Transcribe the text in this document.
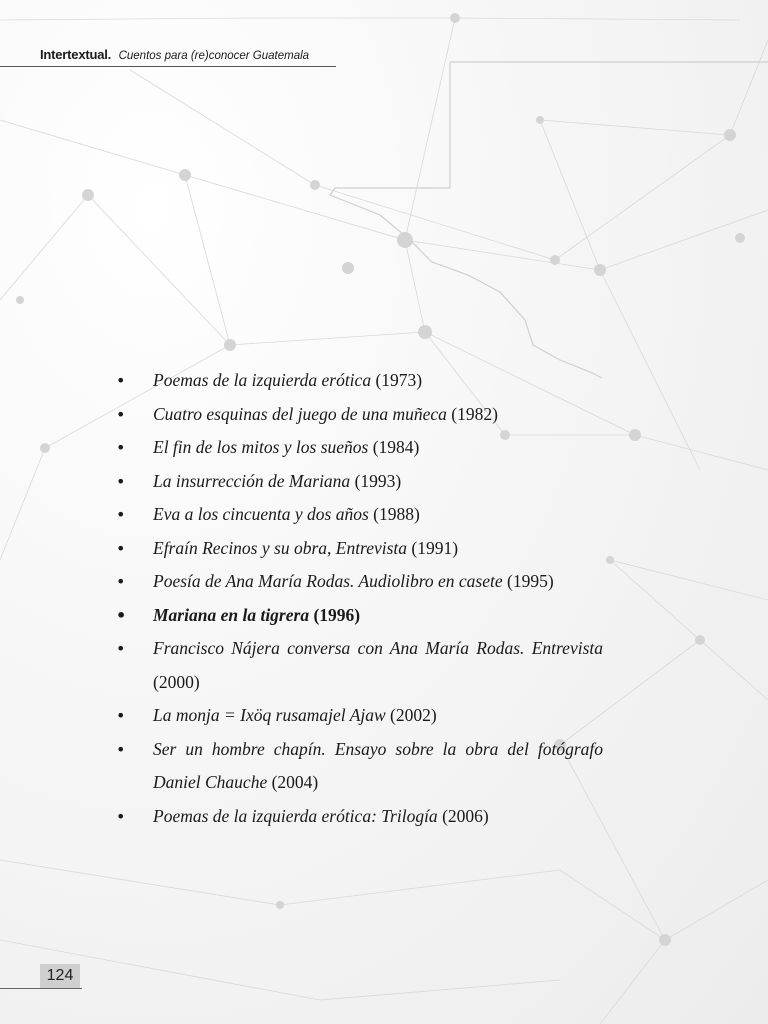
Intertextual. Cuentos para (re)conocer Guatemala
• Poemas de la izquierda erótica (1973)
• Cuatro esquinas del juego de una muñeca (1982)
• El fin de los mitos y los sueños (1984)
• La insurrección de Mariana (1993)
• Eva a los cincuenta y dos años (1988)
• Efraín Recinos y su obra, Entrevista (1991)
• Poesía de Ana María Rodas. Audiolibro en casete (1995)
• Mariana en la tigrera (1996)
• Francisco Nájera conversa con Ana María Rodas. Entrevista (2000)
• La monja = Ixöq rusamajel Ajaw (2002)
• Ser un hombre chapín. Ensayo sobre la obra del fotógrafo Daniel Chauche (2004)
• Poemas de la izquierda erótica: Trilogía (2006)
124
